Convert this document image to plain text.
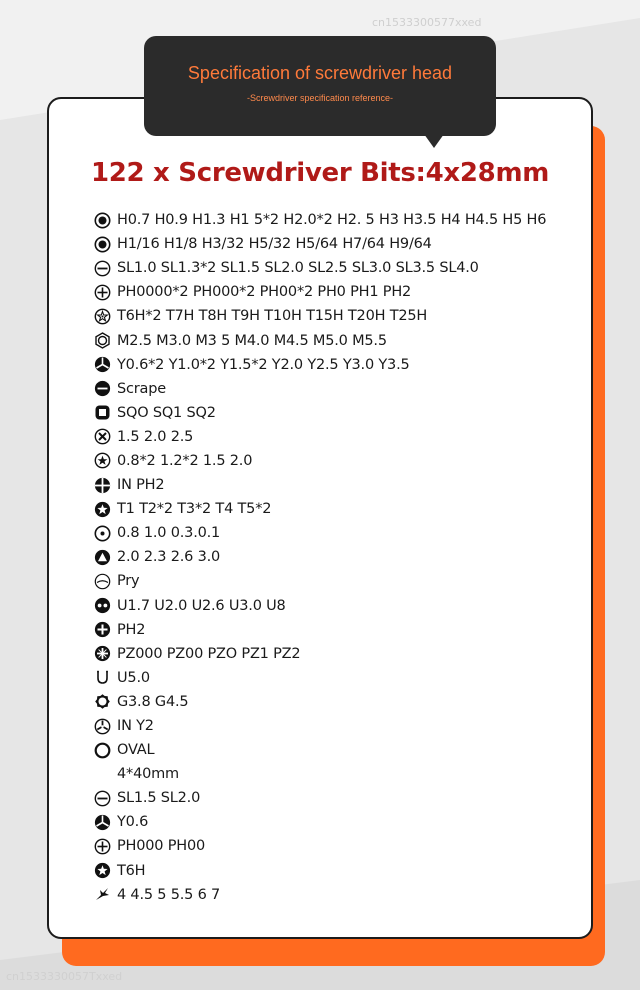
cn1533300577xxed
Specification of screwdriver head
-Screwdriver specification reference-
122 x Screwdriver Bits:4x28mm
H0.7 H0.9 H1.3 H1 5*2 H2.0*2 H2. 5 H3 H3.5 H4 H4.5 H5 H6
H1/16 H1/8 H3/32 H5/32 H5/64 H7/64 H9/64
SL1.0 SL1.3*2 SL1.5 SL2.0 SL2.5 SL3.0 SL3.5 SL4.0
PH0000*2 PH000*2 PH00*2 PH0 PH1 PH2
T6H*2 T7H T8H T9H T10H T15H T20H T25H
M2.5 M3.0 M3 5 M4.0 M4.5 M5.0 M5.5
Y0.6*2 Y1.0*2 Y1.5*2 Y2.0 Y2.5 Y3.0 Y3.5
Scrape
SQO SQ1 SQ2
1.5 2.0 2.5
0.8*2 1.2*2 1.5 2.0
IN PH2
T1 T2*2 T3*2 T4 T5*2
0.8 1.0 0.3.0.1
2.0 2.3 2.6 3.0
Pry
U1.7 U2.0 U2.6 U3.0 U8
PH2
PZ000 PZ00 PZO PZ1 PZ2
U5.0
G3.8 G4.5
IN Y2
OVAL
4*40mm
SL1.5 SL2.0
Y0.6
PH000 PH00
T6H
4 4.5 5 5.5 6 7
cn1533330057Txxed
